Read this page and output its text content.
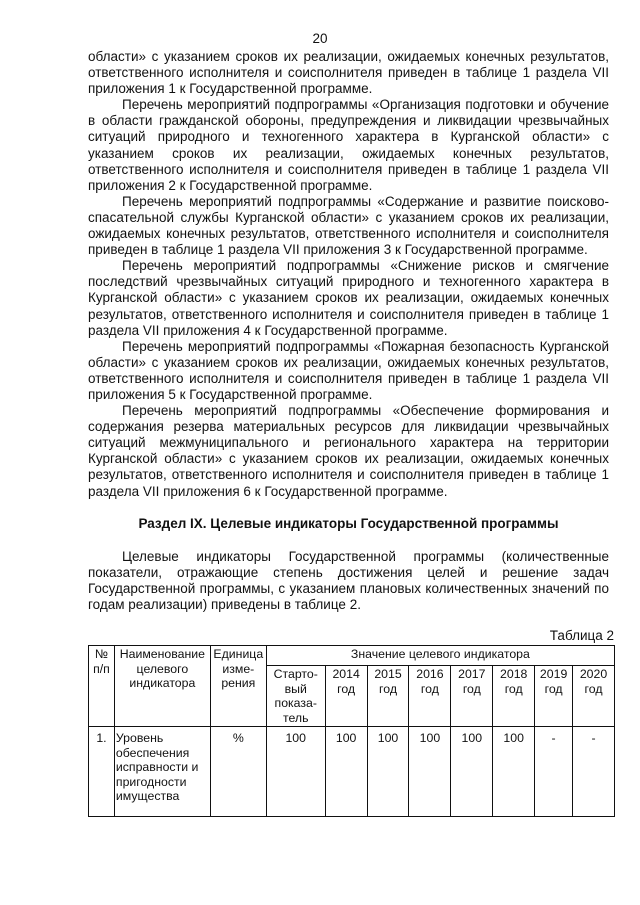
20

области» с указанием сроков их реализации, ожидаемых конечных результатов, ответственного исполнителя и соисполнителя приведен в таблице 1 раздела VII приложения 1 к Государственной программе.

Перечень мероприятий подпрограммы «Организация подготовки и обучение в области гражданской обороны, предупреждения и ликвидации чрезвычайных ситуаций природного и техногенного характера в Курганской области» с указанием сроков их реализации, ожидаемых конечных результатов, ответственного исполнителя и соисполнителя приведен в таблице 1 раздела VII приложения 2 к Государственной программе.

Перечень мероприятий подпрограммы «Содержание и развитие поисково-спасательной службы Курганской области» с указанием сроков их реализации, ожидаемых конечных результатов, ответственного исполнителя и соисполнителя приведен в таблице 1 раздела VII приложения 3 к Государственной программе.

Перечень мероприятий подпрограммы «Снижение рисков и смягчение последствий чрезвычайных ситуаций природного и техногенного характера в Курганской области» с указанием сроков их реализации, ожидаемых конечных результатов, ответственного исполнителя и соисполнителя приведен в таблице 1 раздела VII приложения 4 к Государственной программе.

Перечень мероприятий подпрограммы «Пожарная безопасность Курганской области» с указанием сроков их реализации, ожидаемых конечных результатов, ответственного исполнителя и соисполнителя приведен в таблице 1 раздела VII приложения 5 к Государственной программе.

Перечень мероприятий подпрограммы «Обеспечение формирования и содержания резерва материальных ресурсов для ликвидации чрезвычайных ситуаций межмуниципального и регионального характера на территории Курганской области» с указанием сроков их реализации, ожидаемых конечных результатов, ответственного исполнителя и соисполнителя приведен в таблице 1 раздела VII приложения 6 к Государственной программе.

Раздел IX. Целевые индикаторы Государственной программы

Целевые индикаторы Государственной программы (количественные показатели, отражающие степень достижения целей и решение задач Государственной программы, с указанием плановых количественных значений по годам реализации) приведены в таблице 2.

Таблица 2
№ п/п	Наименование целевого индикатора	Единица изме-рения	Значение целевого индикатора							
			Старто-вый показа-тель	2014 год	2015 год	2016 год	2017 год	2018 год	2019 год	2020 год
1.	Уровень обеспечения исправности и пригодности имущества	%	100	100	100	100	100	100	-	-
